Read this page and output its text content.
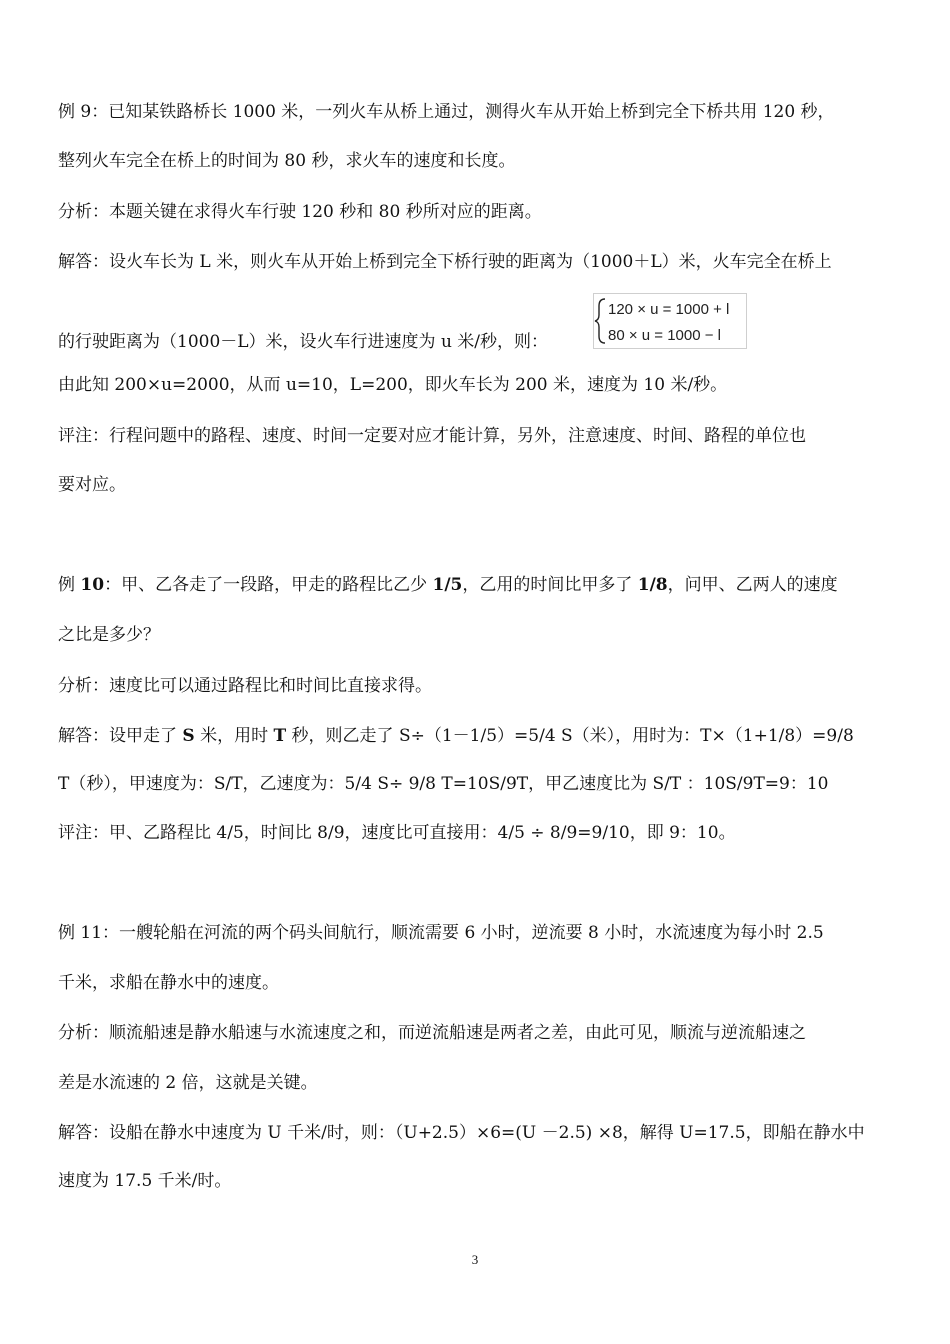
例 9：已知某铁路桥长 1000 米，一列火车从桥上通过，测得火车从开始上桥到完全下桥共用 120 秒，
整列火车完全在桥上的时间为 80 秒，求火车的速度和长度。
分析：本题关键在求得火车行驶 120 秒和 80 秒所对应的距离。
解答：设火车长为 L 米，则火车从开始上桥到完全下桥行驶的距离为（1000＋L）米，火车完全在桥上
的行驶距离为（1000－L）米，设火车行进速度为 u 米/秒，则：
120 × u = 1000 + l
80 × u = 1000 − l
由此知 200×u=2000，从而 u=10，L=200，即火车长为 200 米，速度为 10 米/秒。
评注：行程问题中的路程、速度、时间一定要对应才能计算，另外，注意速度、时间、路程的单位也
要对应。
例 10：甲、乙各走了一段路，甲走的路程比乙少 1/5，乙用的时间比甲多了 1/8，问甲、乙两人的速度
之比是多少？
分析：速度比可以通过路程比和时间比直接求得。
解答：设甲走了 S 米，用时 T 秒，则乙走了 S÷（1－1/5）=5/4 S（米），用时为：T×（1+1/8）=9/8
T（秒），甲速度为：S/T，乙速度为：5/4 S÷ 9/8 T=10S/9T，甲乙速度比为 S/T ：10S/9T=9：10
评注：甲、乙路程比 4/5，时间比 8/9，速度比可直接用：4/5 ÷ 8/9=9/10，即 9：10。
例 11：一艘轮船在河流的两个码头间航行，顺流需要 6 小时，逆流要 8 小时，水流速度为每小时 2.5
千米，求船在静水中的速度。
分析：顺流船速是静水船速与水流速度之和，而逆流船速是两者之差，由此可见，顺流与逆流船速之
差是水流速的 2 倍，这就是关键。
解答：设船在静水中速度为 U 千米/时，则：（U+2.5）×6=(U －2.5) ×8，解得 U=17.5，即船在静水中
速度为 17.5 千米/时。
3
